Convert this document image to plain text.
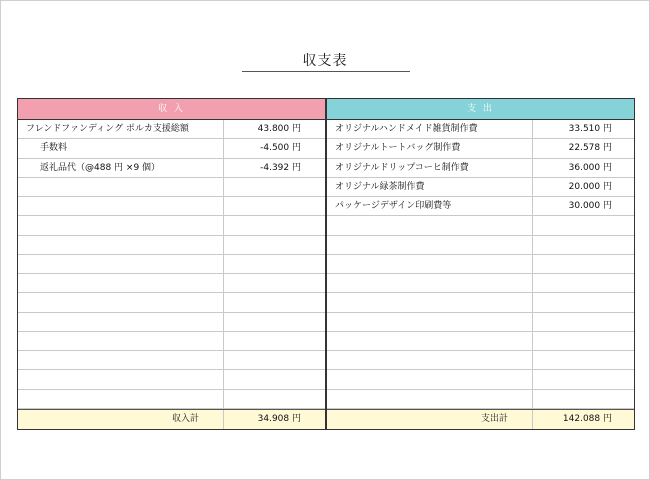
収支表
収 入
フレンドファンディング ポルカ支援総額	43.800 円
手数料	-4.500 円
返礼品代（@488 円 ×9 個）	-4.392 円
収入計	34.908 円
支 出
オリジナルハンドメイド雑貨制作費	33.510 円
オリジナルトートバッグ制作費	22.578 円
オリジナルドリップコーヒ制作費	36.000 円
オリジナル緑茶制作費	20.000 円
パッケージデザイン印刷費等	30.000 円
支出計	142.088 円
